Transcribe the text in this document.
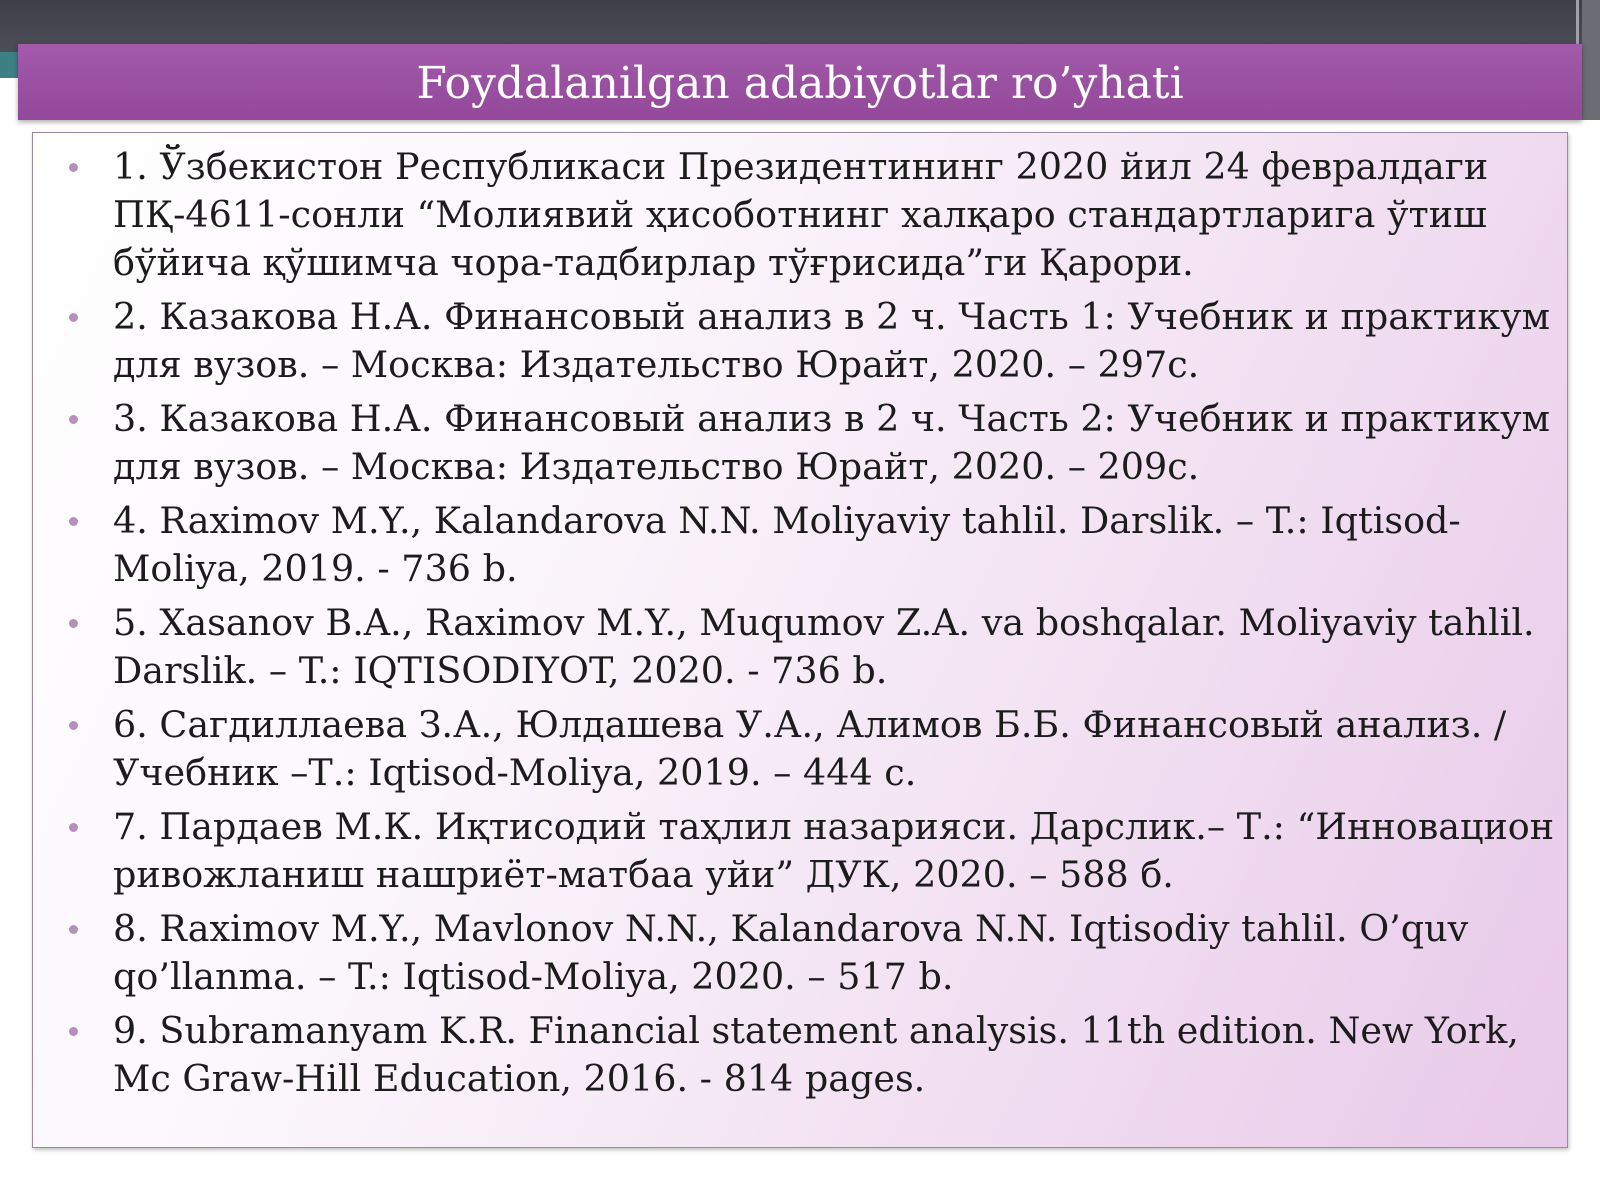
Foydalanilgan adabiyotlar ro’yhati
1. Ўзбекистон Республикаси Президентининг 2020 йил 24 февралдаги ПҚ-4611-сонли “Молиявий ҳисоботнинг халқаро стандартларига ўтиш бўйича қўшимча чора-тадбирлар тўғрисида”ги Қарори.
2. Казакова Н.А. Финансовый анализ в 2 ч. Часть 1: Учебник и практикум для вузов. – Москва: Издательство Юрайт, 2020. – 297с.
3. Казакова Н.А. Финансовый анализ в 2 ч. Часть 2: Учебник и практикум для вузов. – Москва: Издательство Юрайт, 2020. – 209с.
4. Raximov M.Y., Kalandarova N.N. Moliyaviy tahlil. Darslik. – T.: Iqtisod-Moliya, 2019. - 736 b.
5. Xasanov B.A., Raximov M.Y., Muqumov Z.A. va boshqalar. Moliyaviy tahlil. Darslik. – T.: IQTISODIYOT, 2020. - 736 b.
6. Сагдиллаева З.А., Юлдашева У.А., Алимов Б.Б. Финансовый анализ. / Учебник –Т.: Iqtisod-Moliya, 2019. – 444 с.
7. Пардаев М.К. Иқтисодий таҳлил назарияси. Дарслик.– Т.: “Инновацион ривожланиш нашриёт-матбаа уйи” ДУК, 2020. – 588 б.
8. Raximov M.Y., Mavlonov N.N., Kalandarova N.N. Iqtisodiy tahlil. O’quv qo’llanma. – T.: Iqtisod-Moliya, 2020. – 517 b.
9. Subramanyam K.R. Financial statement analysis. 11th edition. New York, Mc Graw-Hill Education, 2016. - 814 pages.
